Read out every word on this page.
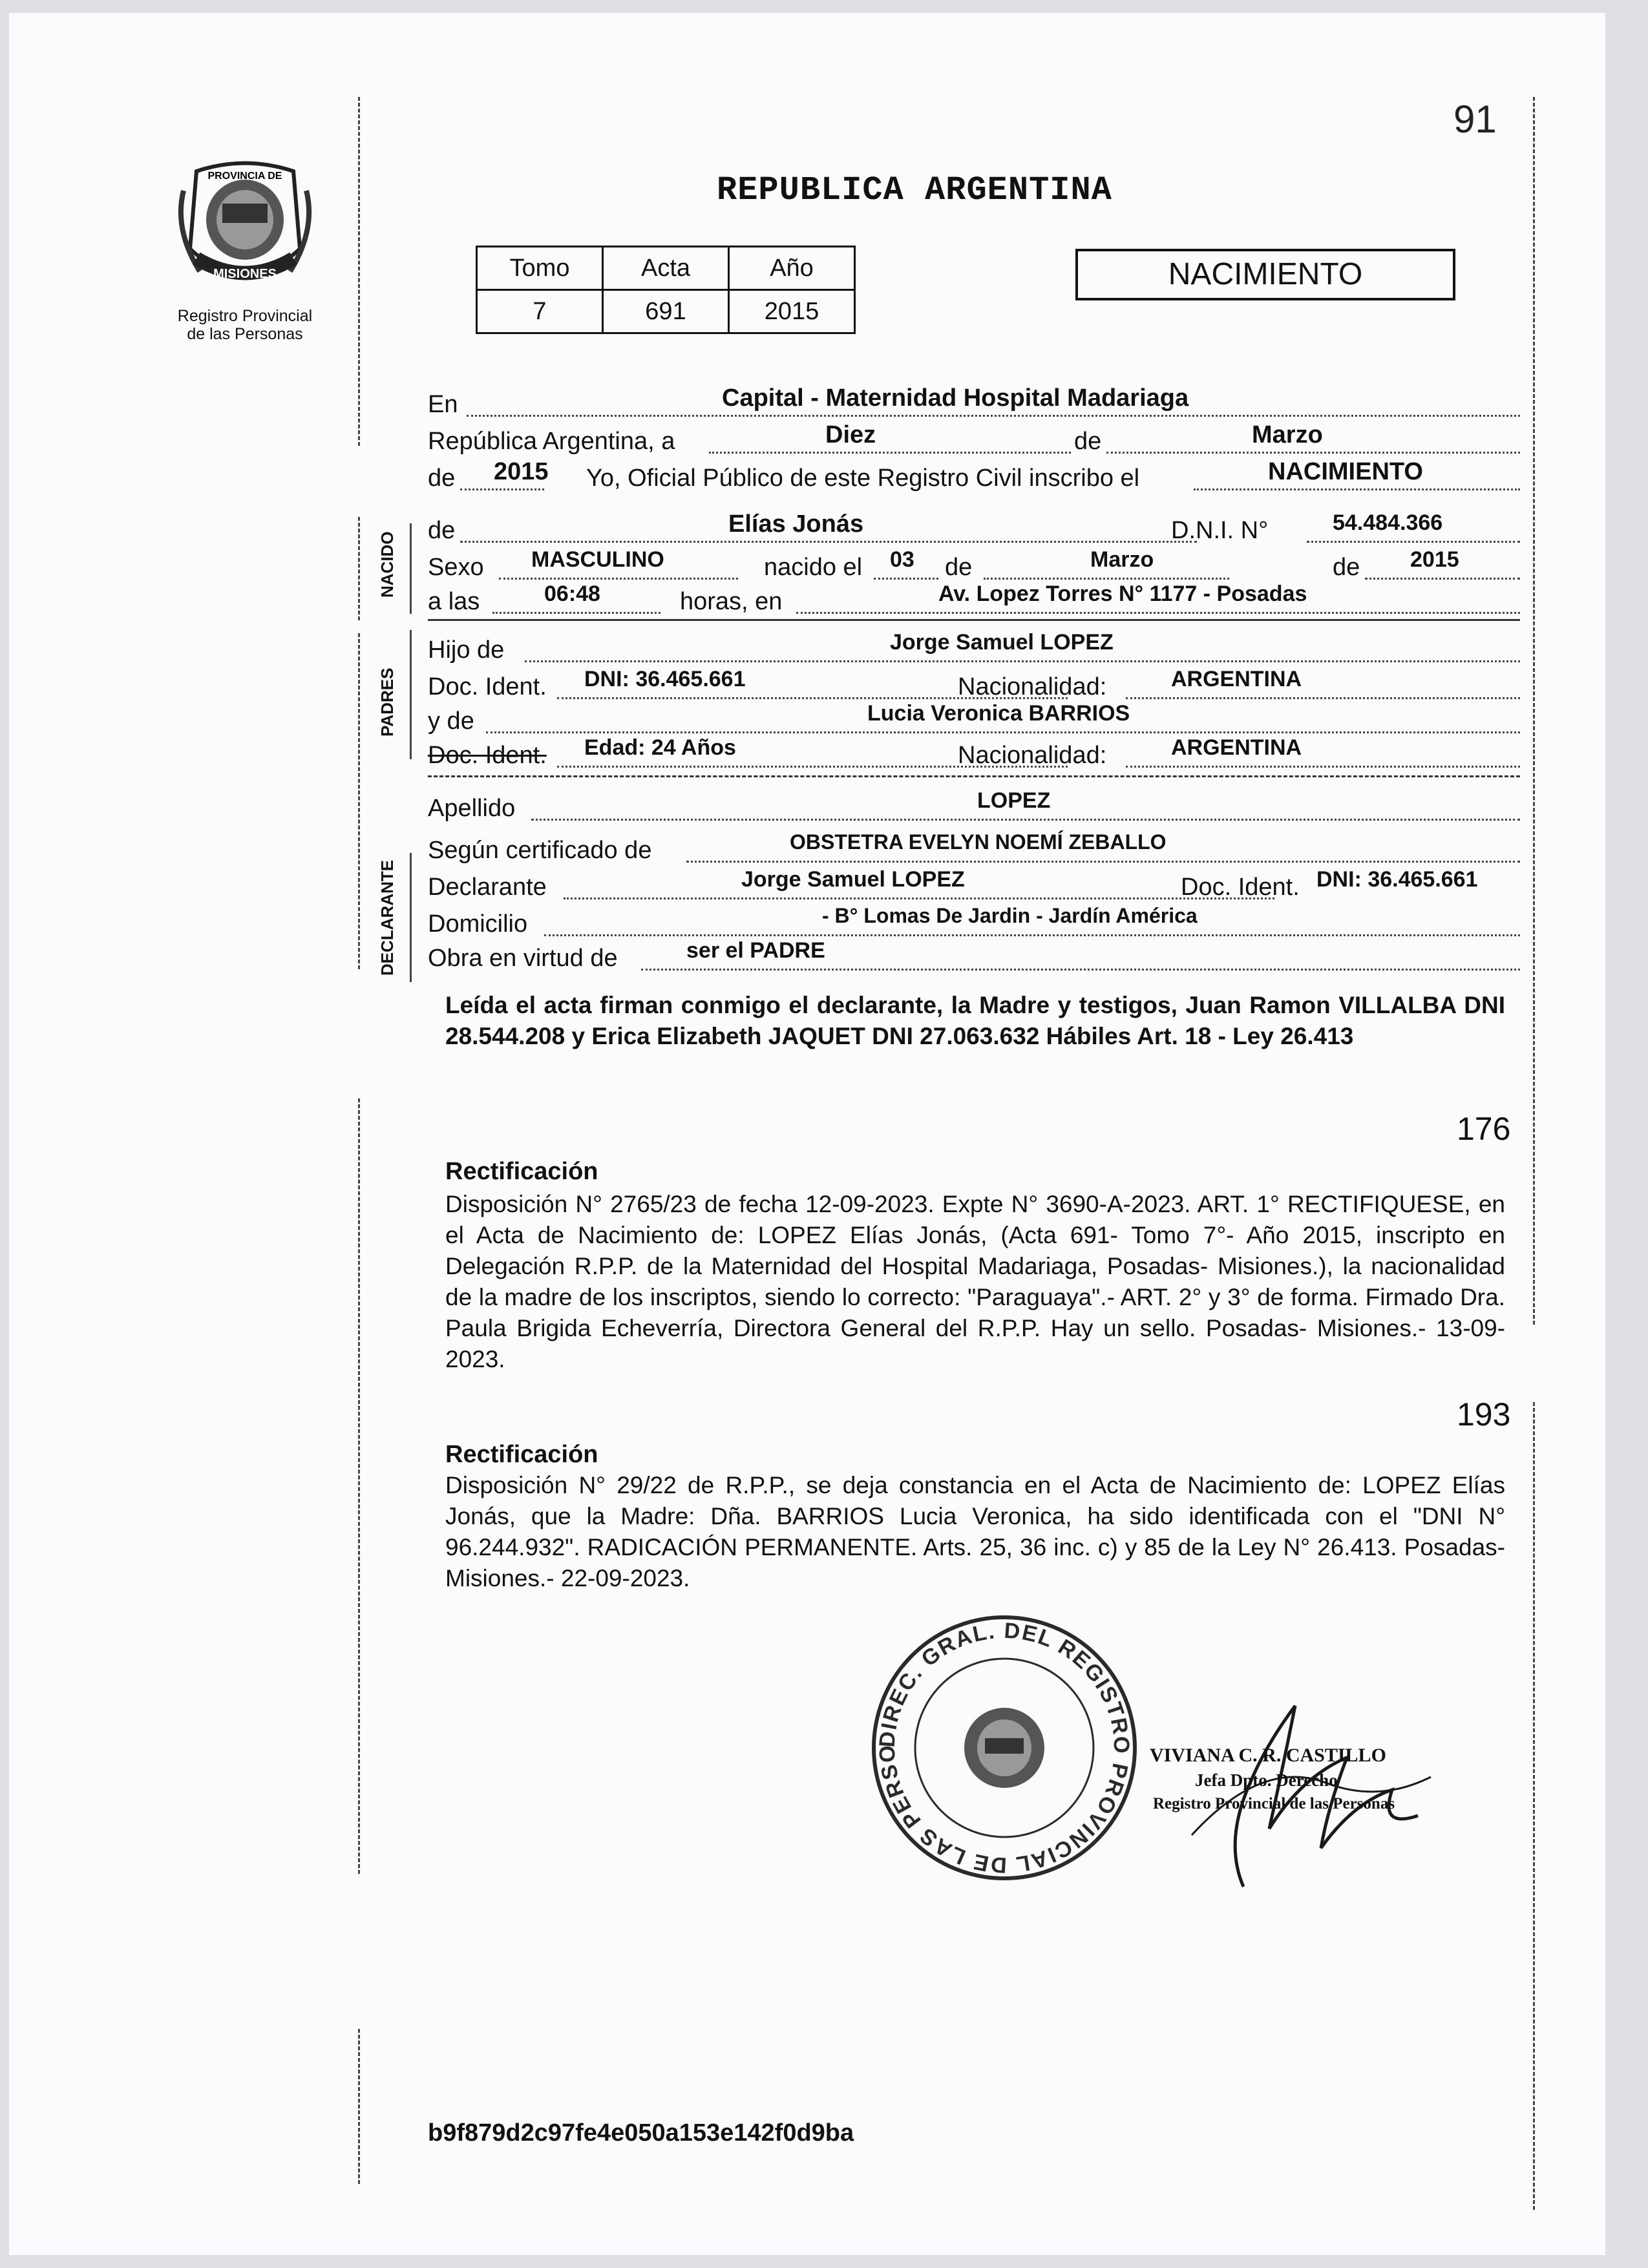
NACIDO
PADRES
DECLARANTE
PROVINCIA DE
MISIONES
Registro Provincial
de las Personas
91
REPUBLICA ARGENTINA
Tomo	Acta	Año
7	691	2015
NACIMIENTO
En	Capital - Maternidad Hospital Madariaga
República Argentina, a	Diez	de	Marzo
de 2015 Yo, Oficial Público de este Registro Civil inscribo el	NACIMIENTO
de	Elías Jonás	D.N.I. N°	54.484.366
Sexo MASCULINO	nacido el 03 de	Marzo	de 2015
a las	06:48	horas, en	Av. Lopez Torres N° 1177 - Posadas
Hijo de	Jorge Samuel LOPEZ
Doc. Ident. DNI: 36.465.661	Nacionalidad:	ARGENTINA
y de	Lucia Veronica BARRIOS
Doc. Ident. Edad: 24 Años	Nacionalidad:	ARGENTINA
Apellido	LOPEZ
Según certificado de	OBSTETRA EVELYN NOEMÍ ZEBALLO
Declarante	Jorge Samuel LOPEZ	Doc. Ident. DNI: 36.465.661
Domicilio	- B° Lomas De Jardin - Jardín América
Obra en virtud de	ser el PADRE
Leída el acta firman conmigo el declarante, la Madre y testigos, Juan Ramon VILLALBA DNI 28.544.208 y Erica Elizabeth JAQUET DNI 27.063.632 Hábiles Art. 18 - Ley 26.413
176
Rectificación
Disposición N° 2765/23 de fecha 12-09-2023. Expte N° 3690-A-2023. ART. 1° RECTIFIQUESE, en el Acta de Nacimiento de: LOPEZ Elías Jonás, (Acta 691- Tomo 7°- Año 2015, inscripto en Delegación R.P.P. de la Maternidad del Hospital Madariaga, Posadas- Misiones.), la nacionalidad de la madre de los inscriptos, siendo lo correcto: "Paraguaya".- ART. 2° y 3° de forma. Firmado Dra. Paula Brigida Echeverría, Directora General del R.P.P. Hay un sello. Posadas- Misiones.- 13-09-2023.
193
Rectificación
Disposición N° 29/22 de R.P.P., se deja constancia en el Acta de Nacimiento de: LOPEZ Elías Jonás, que la Madre: Dña. BARRIOS Lucia Veronica, ha sido identificada con el "DNI N° 96.244.932". RADICACIÓN PERMANENTE. Arts. 25, 36 inc. c) y 85 de la Ley N° 26.413. Posadas- Misiones.- 22-09-2023.
DIREC. GRAL. DEL REGISTRO PROVINCIAL DE LAS PERSO	VIVIANA C. R. CASTILLO
Jefa Dpto. Derecho
Registro Provincial de las Personas
b9f879d2c97fe4e050a153e142f0d9ba
